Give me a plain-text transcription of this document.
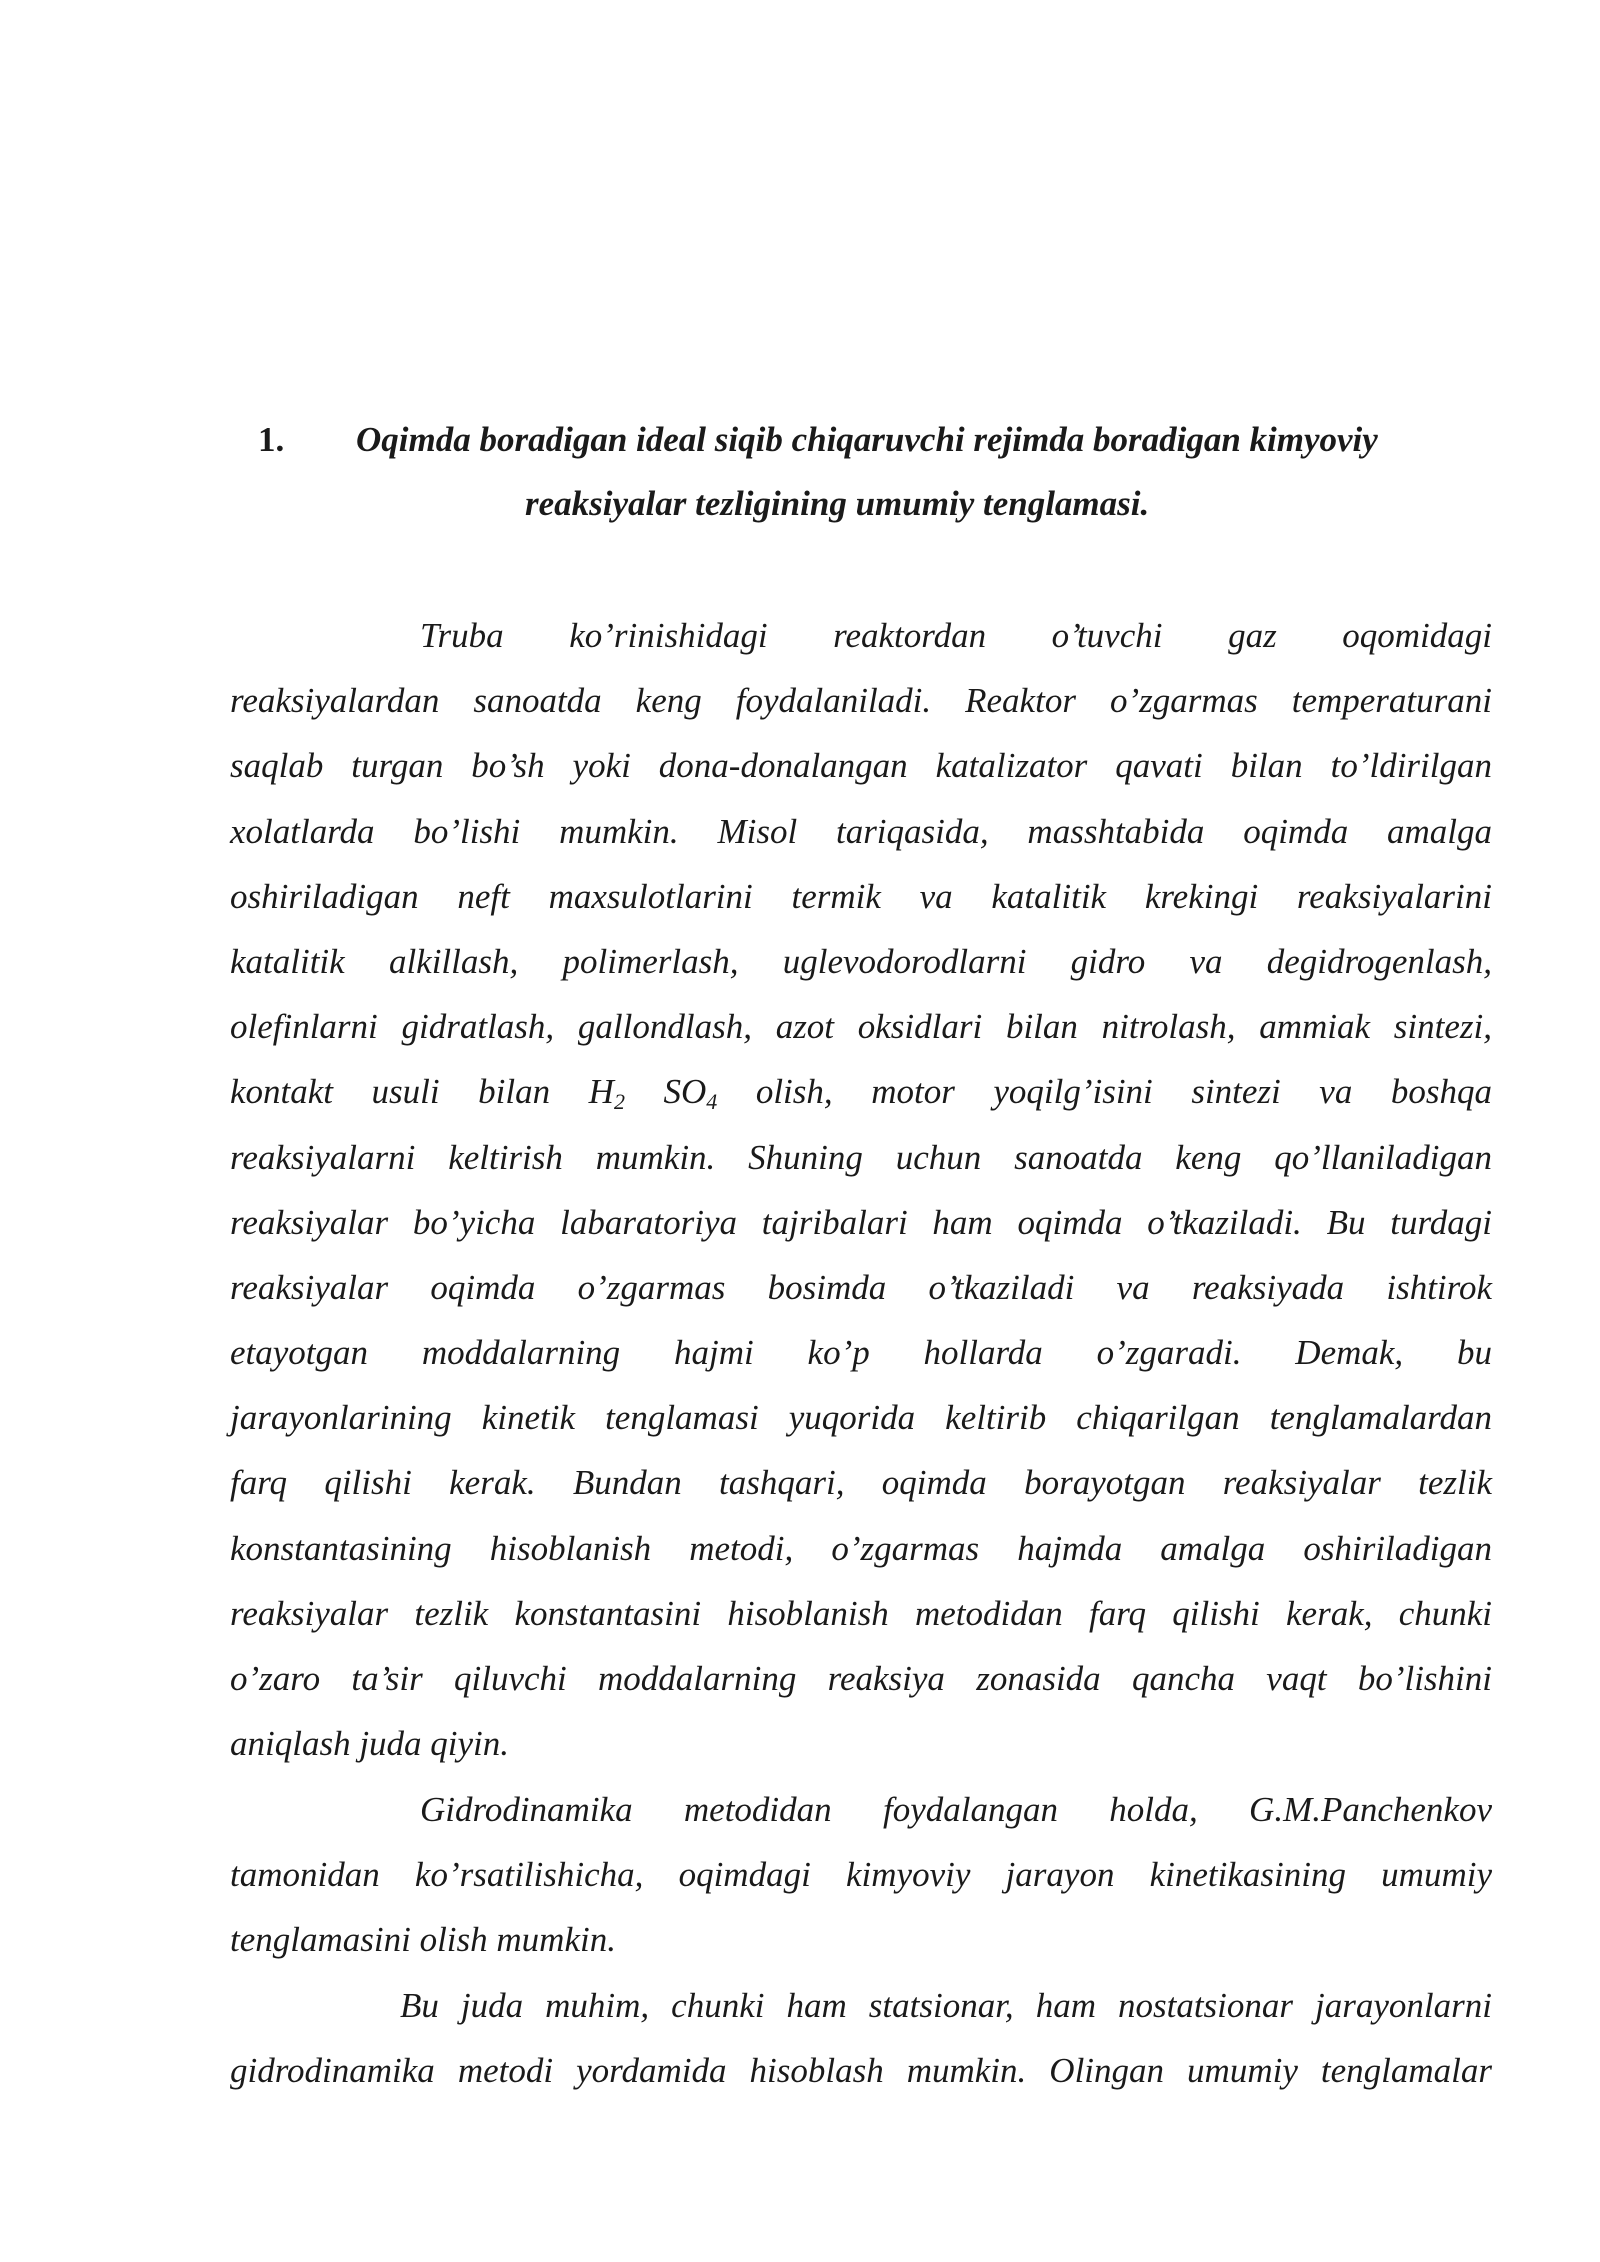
1. Oqimda boradigan ideal siqib chiqaruvchi rejimda boradigan kimyoviy
reaksiyalar tezligining umumiy tenglamasi.
Truba ko’rinishidagi reaktordan o’tuvchi gaz oqomidagi
reaksiyalardan sanoatda keng foydalaniladi. Reaktor o’zgarmas temperaturani
saqlab turgan bo’sh yoki dona-donalangan katalizator qavati bilan to’ldirilgan
xolatlarda bo’lishi mumkin. Misol tariqasida, masshtabida oqimda amalga
oshiriladigan neft maxsulotlarini termik va katalitik krekingi reaksiyalarini
katalitik alkillash, polimerlash, uglevodorodlarni gidro va degidrogenlash,
olefinlarni gidratlash, gallondlash, azot oksidlari bilan nitrolash, ammiak sintezi,
kontakt usuli bilan $H_2$ $SO_4$ olish, motor yoqilg’isini sintezi va boshqa
reaksiyalarni keltirish mumkin. Shuning uchun sanoatda keng qo’llaniladigan
reaksiyalar bo’yicha labaratoriya tajribalari ham oqimda o’tkaziladi. Bu turdagi
reaksiyalar oqimda o’zgarmas bosimda o’tkaziladi va reaksiyada ishtirok
etayotgan moddalarning hajmi ko’p hollarda o’zgaradi. Demak, bu
jarayonlarining kinetik tenglamasi yuqorida keltirib chiqarilgan tenglamalardan
farq qilishi kerak. Bundan tashqari, oqimda borayotgan reaksiyalar tezlik
konstantasining hisoblanish metodi, o’zgarmas hajmda amalga oshiriladigan
reaksiyalar tezlik konstantasini hisoblanish metodidan farq qilishi kerak, chunki
o’zaro ta’sir qiluvchi moddalarning reaksiya zonasida qancha vaqt bo’lishini
aniqlash juda qiyin.
Gidrodinamika metodidan foydalangan holda, G.M.Panchenkov
tamonidan ko’rsatilishicha, oqimdagi kimyoviy jarayon kinetikasining umumiy
tenglamasini olish mumkin.
Bu juda muhim, chunki ham statsionar, ham nostatsionar jarayonlarni
gidrodinamika metodi yordamida hisoblash mumkin. Olingan umumiy tenglamalar
